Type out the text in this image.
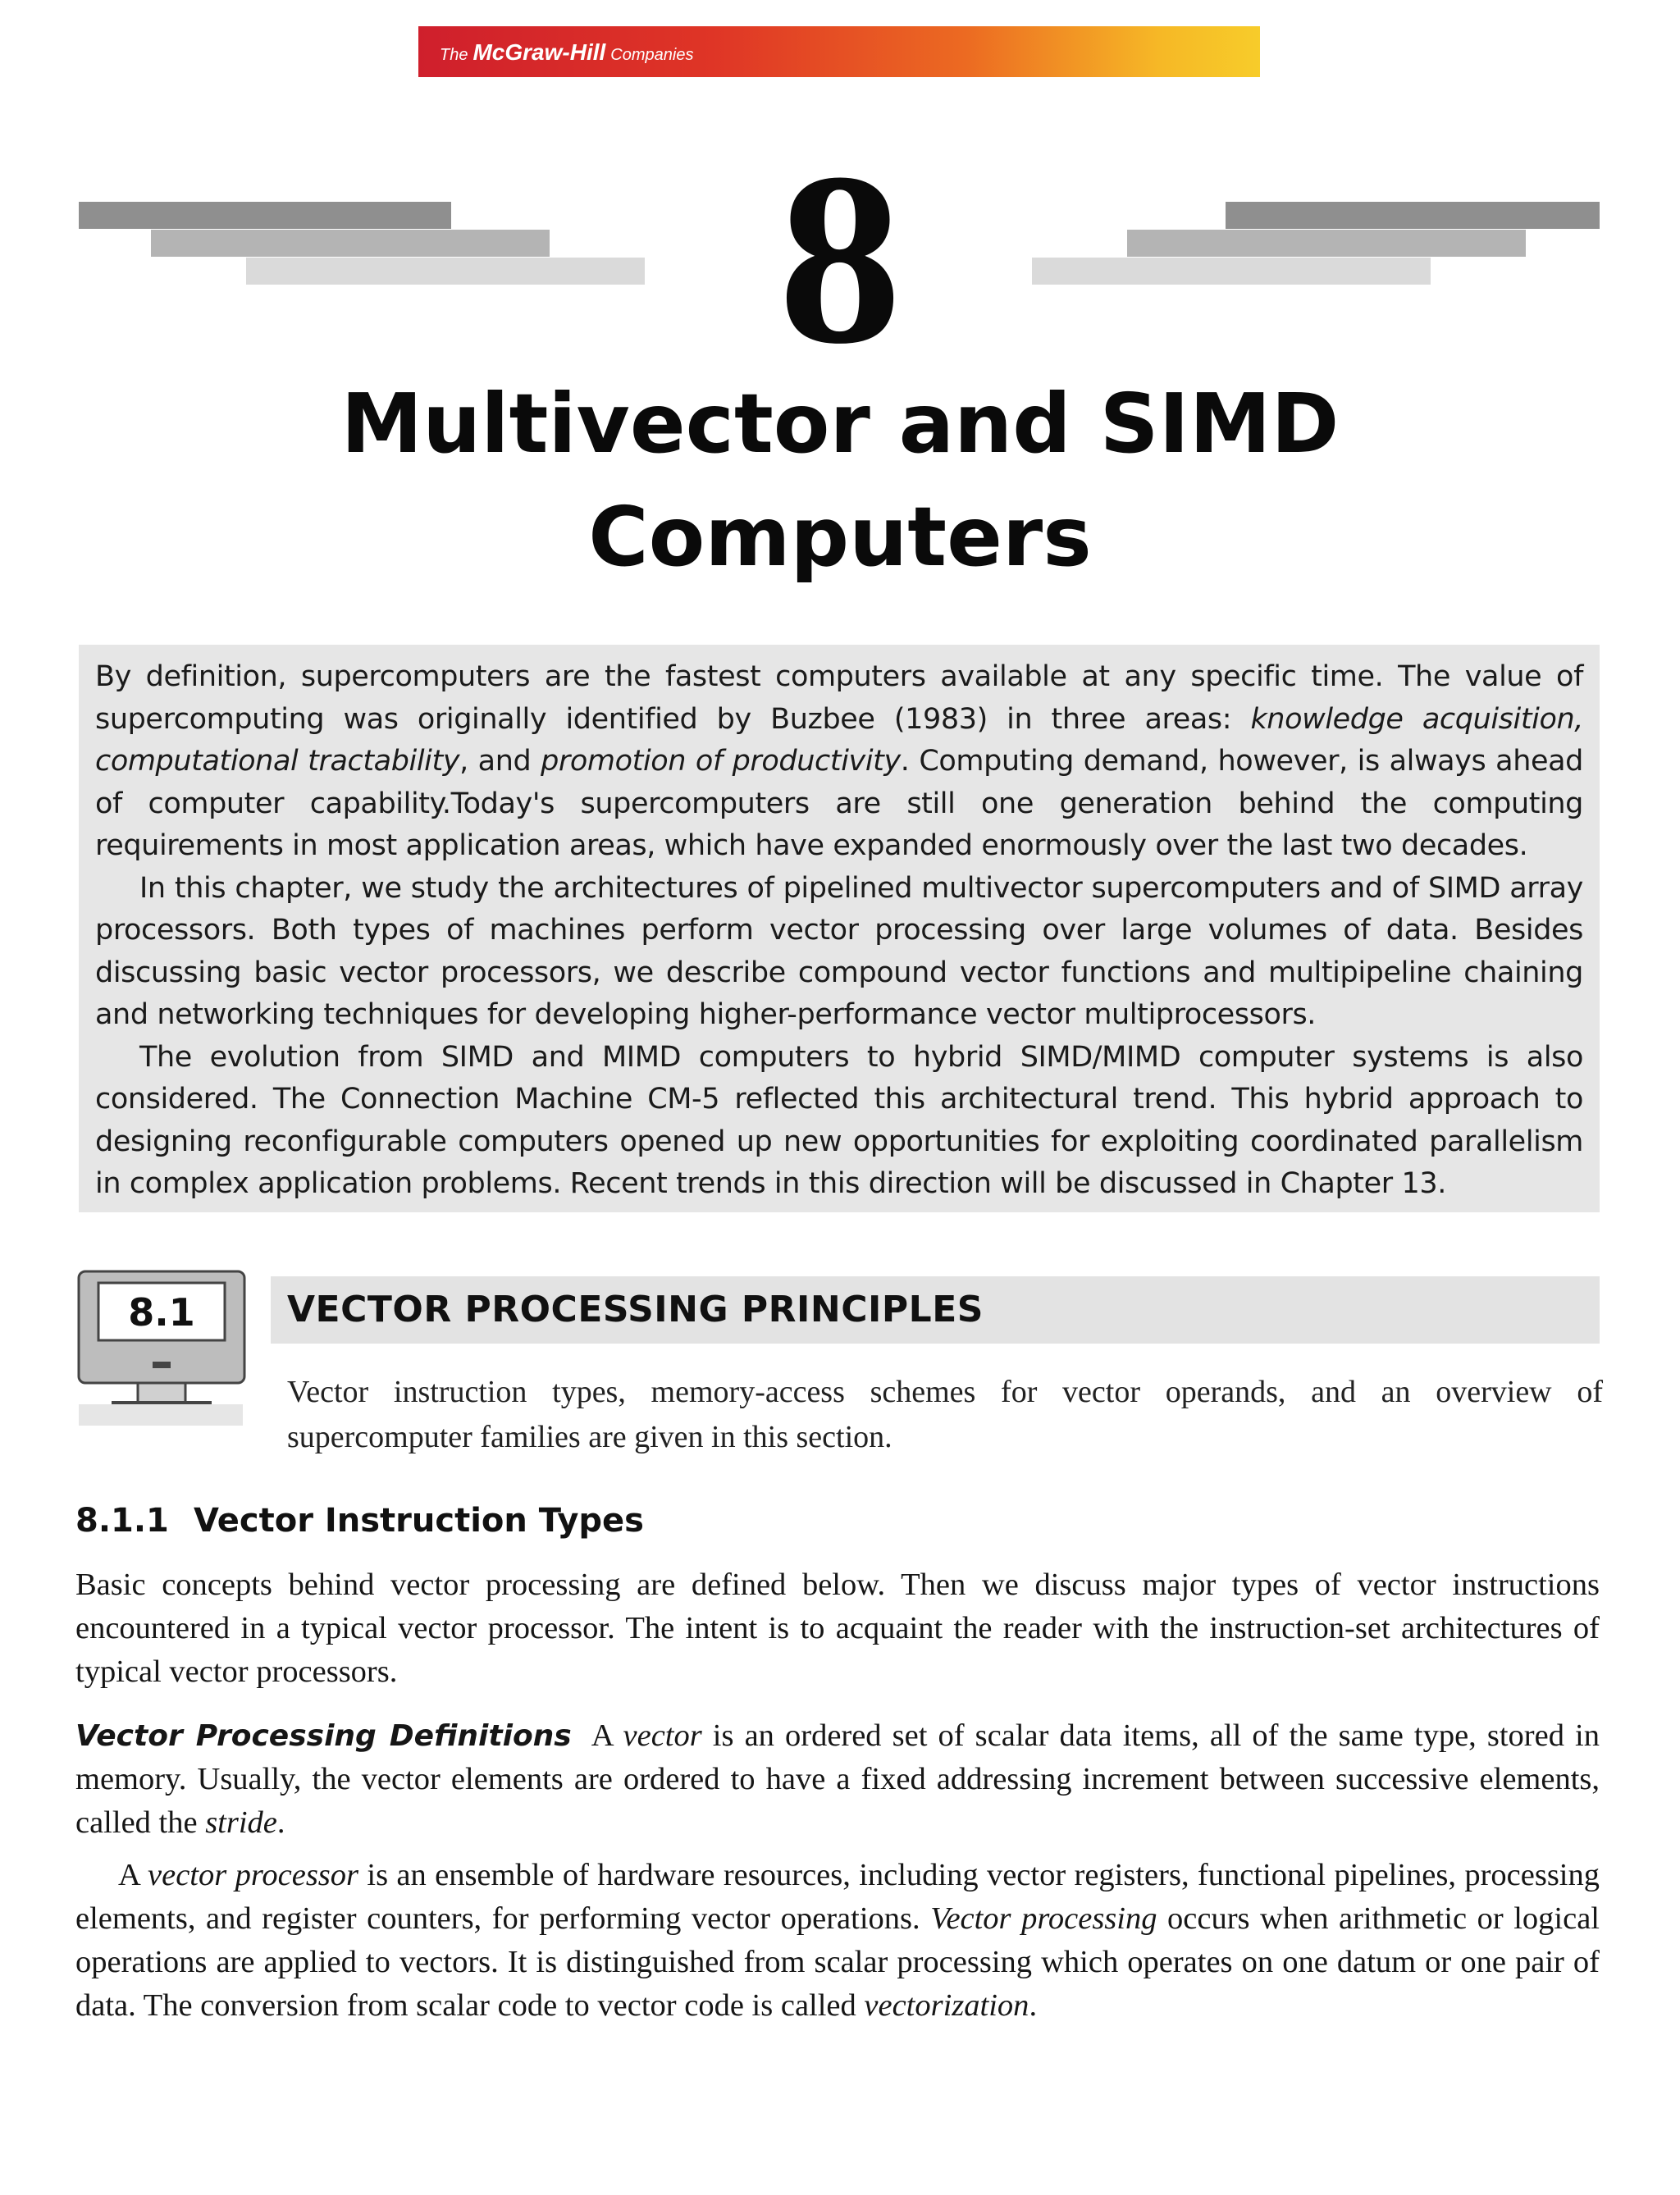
The McGraw-Hill Companies
8
Multivector and SIMD
Computers

By definition, supercomputers are the fastest computers available at any specific time. The value of supercomputing was originally identified by Buzbee (1983) in three areas: knowledge acquisition, computational tractability, and promotion of productivity. Computing demand, however, is always ahead of computer capability.Today's supercomputers are still one generation behind the computing requirements in most application areas, which have expanded enormously over the last two decades.

In this chapter, we study the architectures of pipelined multivector supercomputers and of SIMD array processors. Both types of machines perform vector processing over large volumes of data. Besides discussing basic vector processors, we describe compound vector functions and multipipeline chaining and networking techniques for developing higher-performance vector multiprocessors.

The evolution from SIMD and MIMD computers to hybrid SIMD/MIMD computer systems is also considered. The Connection Machine CM-5 reflected this architectural trend. This hybrid approach to designing reconfigurable computers opened up new opportunities for exploiting coordinated parallelism in complex application problems. Recent trends in this direction will be discussed in Chapter 13.

8.1	VECTOR PROCESSING PRINCIPLES

Vector instruction types, memory-access schemes for vector operands, and an overview of supercomputer families are given in this section.

8.1.1 Vector Instruction Types

Basic concepts behind vector processing are defined below. Then we discuss major types of vector instructions encountered in a typical vector processor. The intent is to acquaint the reader with the instruction-set architectures of typical vector processors.

Vector Processing Definitions A vector is an ordered set of scalar data items, all of the same type, stored in memory. Usually, the vector elements are ordered to have a fixed addressing increment between successive elements, called the stride.

A vector processor is an ensemble of hardware resources, including vector registers, functional pipelines, processing elements, and register counters, for performing vector operations. Vector processing occurs when arithmetic or logical operations are applied to vectors. It is distinguished from scalar processing which operates on one datum or one pair of data. The conversion from scalar code to vector code is called vectorization.
